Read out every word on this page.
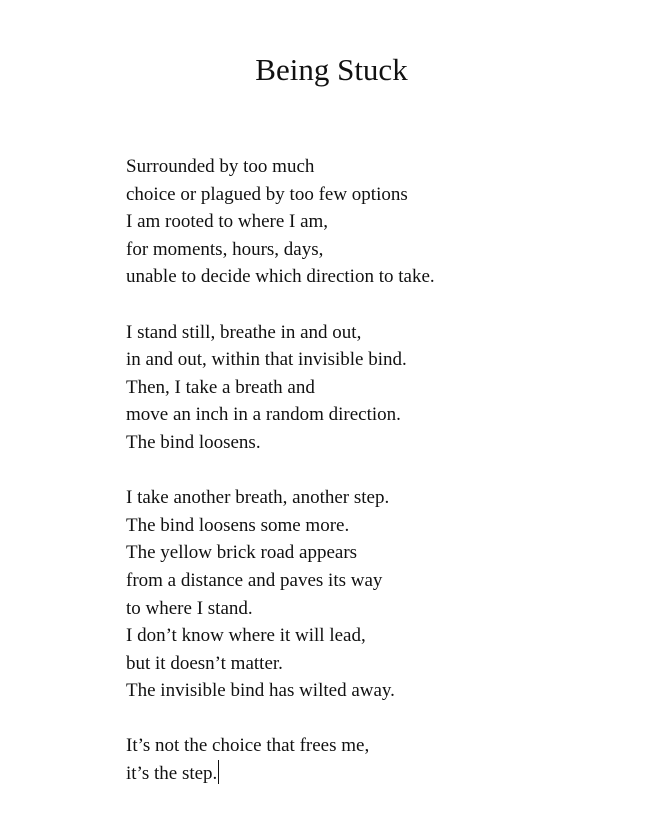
Being Stuck
Surrounded by too much
choice or plagued by too few options
I am rooted to where I am,
for moments, hours, days,
unable to decide which direction to take.
I stand still, breathe in and out,
in and out, within that invisible bind.
Then, I take a breath and
move an inch in a random direction.
The bind loosens.
I take another breath, another step.
The bind loosens some more.
The yellow brick road appears
from a distance and paves its way
to where I stand.
I don’t know where it will lead,
but it doesn’t matter.
The invisible bind has wilted away.
It’s not the choice that frees me,
it’s the step.
